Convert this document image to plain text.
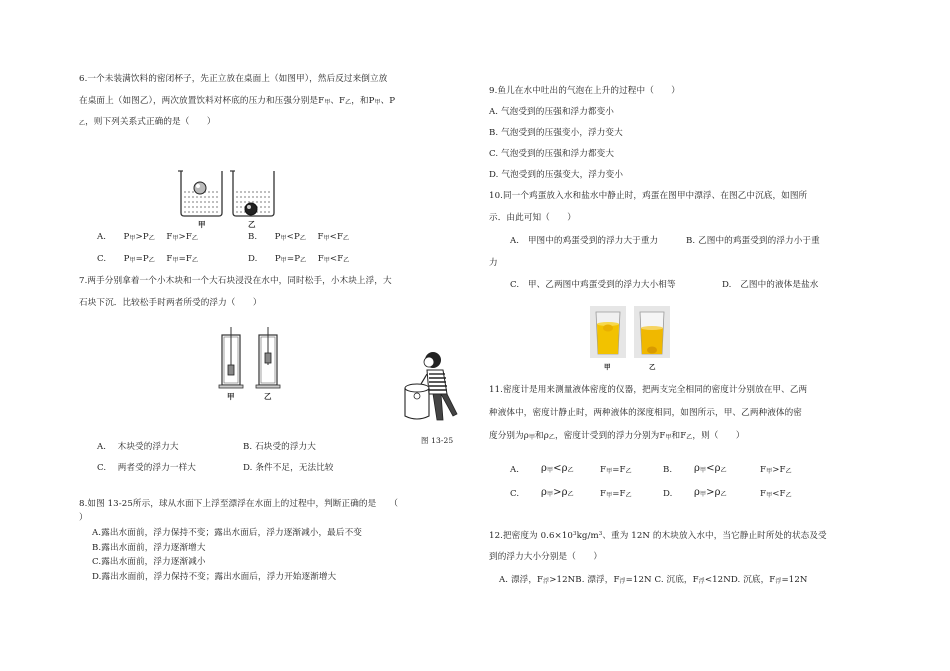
6.一个未装满饮料的密闭杯子，先正立放在桌面上（如图甲），然后反过来倒立放
在桌面上（如图乙），两次放置饮料对杯底的压力和压强分别是F甲、F乙，和P甲、P
乙，则下列关系式正确的是（　　）
甲	乙
A.　　 P甲>P乙　 F甲>F乙	B.　　 P甲<P乙　 F甲<F乙
C.　　 P甲=P乙　 F甲=F乙	D.　　 P甲=P乙　 F甲<F乙
7.两手分别拿着一个小木块和一个大石块浸没在水中，同时松手，小木块上浮，大
石块下沉．比较松手时两者所受的浮力（　　）
甲	乙
图 13-25
A.　 木块受的浮力大	B. 石块受的浮力大
C.　 两者受的浮力一样大	D. 条件不足，无法比较
8.如图 13-25所示，球从水面下上浮至漂浮在水面上的过程中，判断正确的是　　（
）
A.露出水面前，浮力保持不变；露出水面后，浮力逐渐减小，最后不变
B.露出水面前，浮力逐渐增大
C.露出水面前，浮力逐渐减小
D.露出水面前，浮力保持不变；露出水面后，浮力开始逐渐增大
9.鱼儿在水中吐出的气泡在上升的过程中（　　）
A. 气泡受到的压强和浮力都变小
B. 气泡受到的压强变小，浮力变大
C. 气泡受到的压强和浮力都变大
D. 气泡受到的压强变大，浮力变小
10.同一个鸡蛋放入水和盐水中静止时，鸡蛋在图甲中漂浮、在图乙中沉底，如图所
示．由此可知（　　）
A.　甲图中的鸡蛋受到的浮力大于重力	B. 乙图中的鸡蛋受到的浮力小于重
力
C.　甲、乙两图中鸡蛋受到的浮力大小相等	D.　乙图中的液体是盐水
甲	乙
11.密度计是用来测量液体密度的仪器，把两支完全相同的密度计分别放在甲、乙两
种液体中，密度计静止时，两种液体的深度相同，如图所示，甲、乙两种液体的密
度分别为ρ甲和ρ乙，密度计受到的浮力分别为F甲和F乙，则（　　）
A. ρ甲<ρ乙	F甲=F乙	B. ρ甲<ρ乙	F甲>F乙
C. ρ甲>ρ乙	F甲=F乙	D. ρ甲>ρ乙	F甲<F乙
12.把密度为 $0.6\times 10^3kg/m^3$、重为 12N 的木块放入水中，当它静止时所处的状态及受
到的浮力大小分别是（　　）
A. 漂浮，F浮>12NB. 漂浮，F浮=12N C. 沉底，F浮<12ND. 沉底，F浮=12N
